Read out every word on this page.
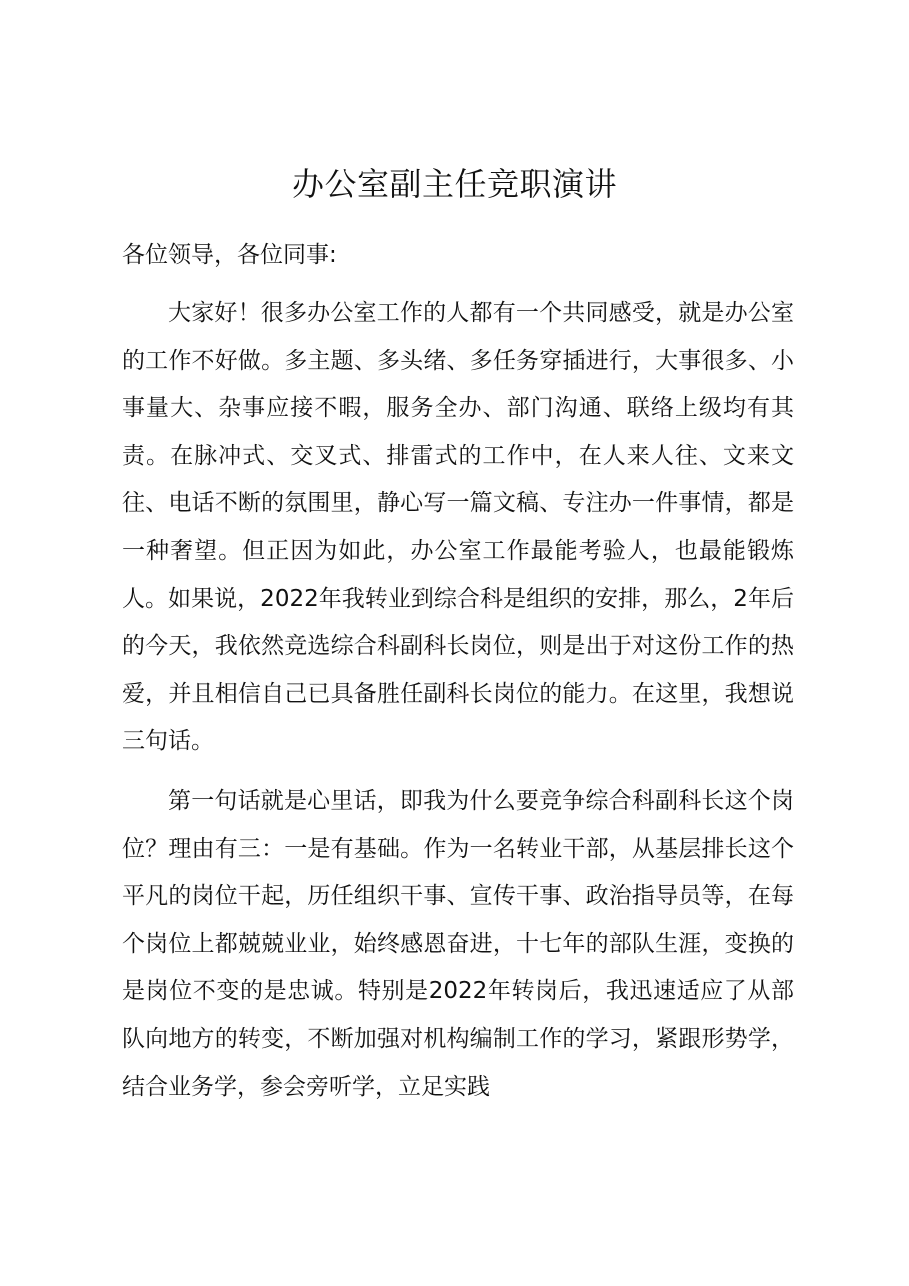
办公室副主任竞职演讲

各位领导，各位同事:

大家好！很多办公室工作的人都有一个共同感受，就是办公室的工作不好做。多主题、多头绪、多任务穿插进行，大事很多、小事量大、杂事应接不暇，服务全办、部门沟通、联络上级均有其责。在脉冲式、交叉式、排雷式的工作中，在人来人往、文来文往、电话不断的氛围里，静心写一篇文稿、专注办一件事情，都是一种奢望。但正因为如此，办公室工作最能考验人，也最能锻炼人。如果说，2022年我转业到综合科是组织的安排，那么，2年后的今天，我依然竞选综合科副科长岗位，则是出于对这份工作的热爱，并且相信自己已具备胜任副科长岗位的能力。在这里，我想说三句话。

第一句话就是心里话，即我为什么要竞争综合科副科长这个岗位？理由有三：一是有基础。作为一名转业干部，从基层排长这个平凡的岗位干起，历任组织干事、宣传干事、政治指导员等，在每个岗位上都兢兢业业，始终感恩奋进，十七年的部队生涯，变换的是岗位不变的是忠诚。特别是2022年转岗后，我迅速适应了从部队向地方的转变，不断加强对机构编制工作的学习，紧跟形势学，结合业务学，参会旁听学，立足实践
